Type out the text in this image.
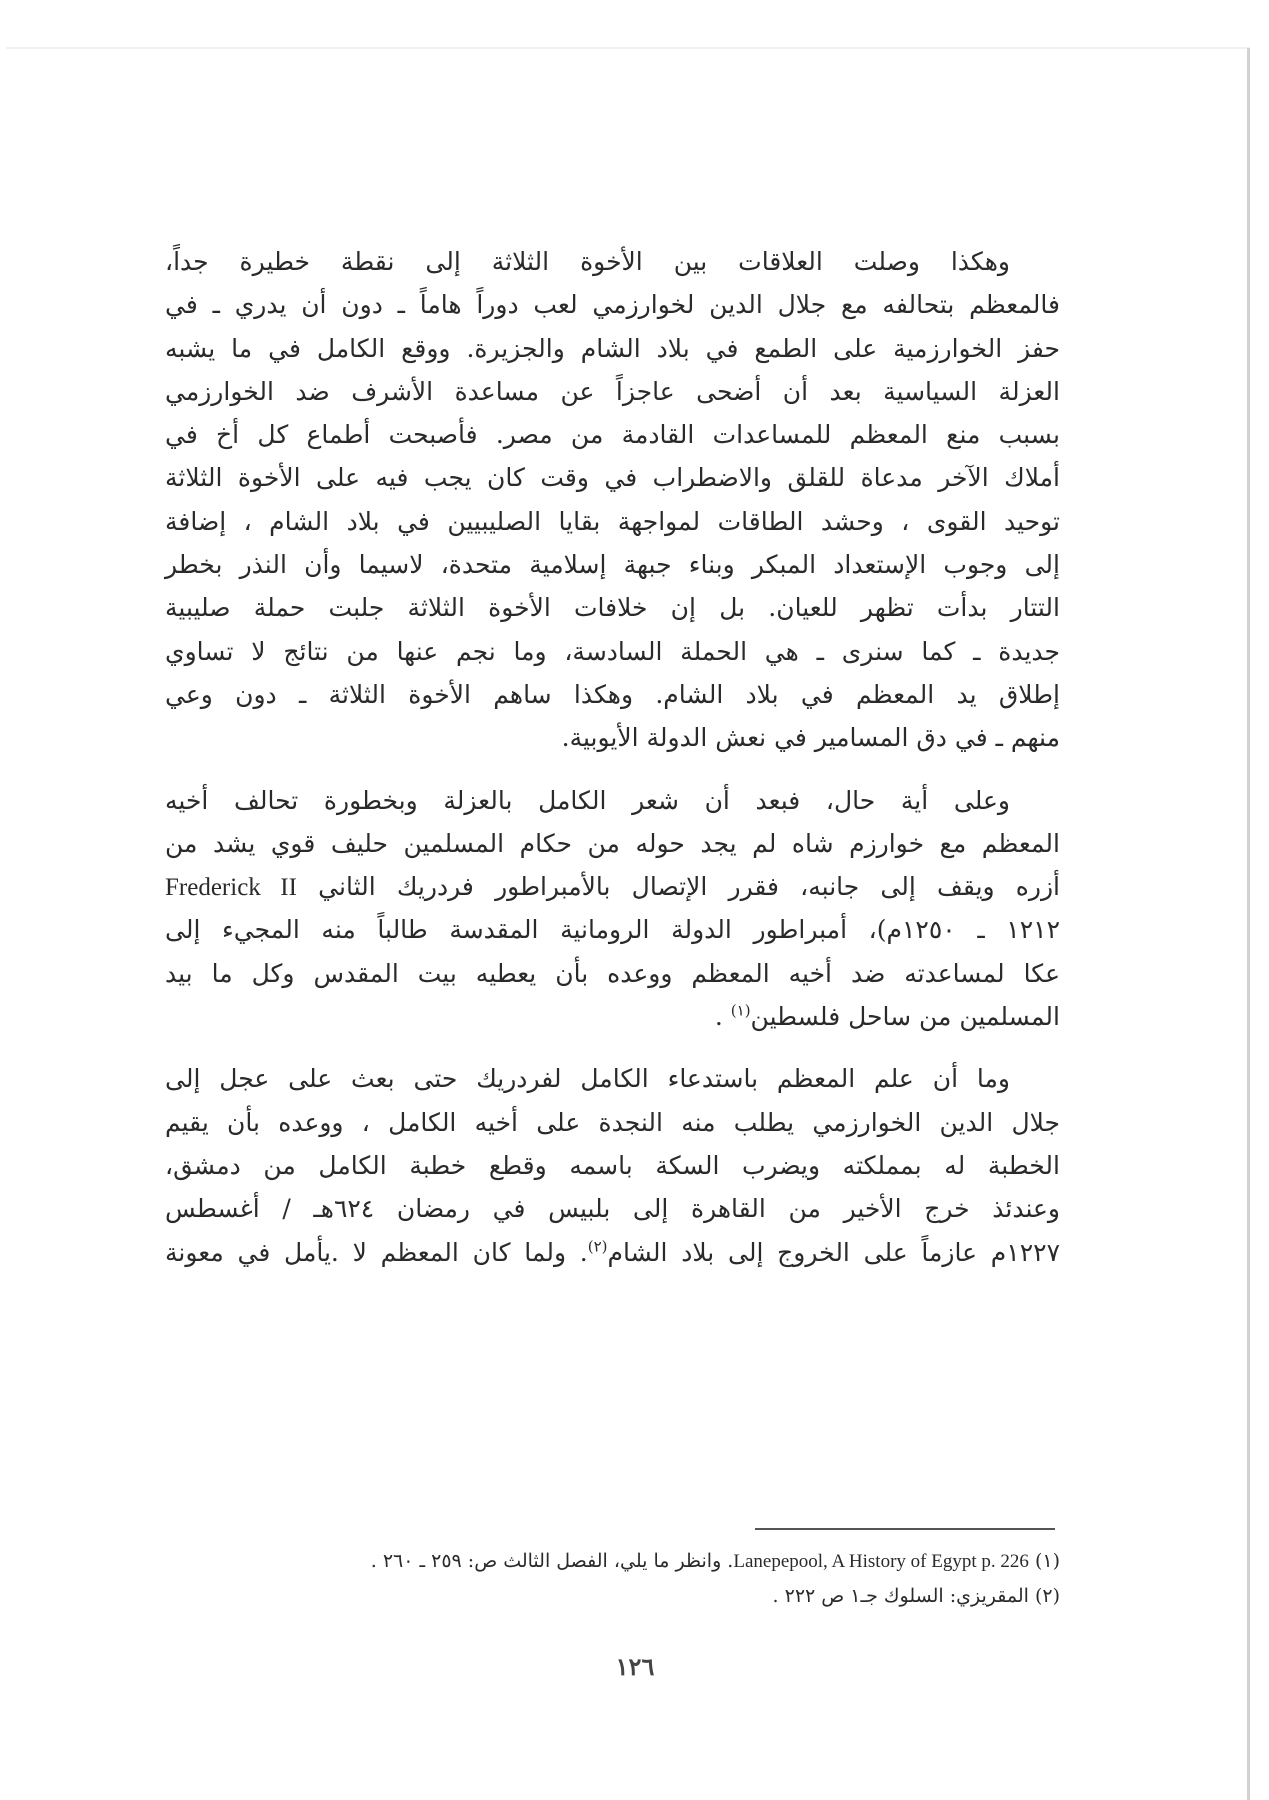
وهكذا وصلت العلاقات بين الأخوة الثلاثة إلى نقطة خطيرة جداً،
فالمعظم بتحالفه مع جلال الدين لخوارزمي لعب دوراً هاماً ـ دون أن يدري ـ في
حفز الخوارزمية على الطمع في بلاد الشام والجزيرة. ووقع الكامل في ما يشبه
العزلة السياسية بعد أن أضحى عاجزاً عن مساعدة الأشرف ضد الخوارزمي
بسبب منع المعظم للمساعدات القادمة من مصر. فأصبحت أطماع كل أخ في
أملاك الآخر مدعاة للقلق والاضطراب في وقت كان يجب فيه على الأخوة الثلاثة
توحيد القوى ، وحشد الطاقات لمواجهة بقايا الصليبيين في بلاد الشام ، إضافة
إلى وجوب الإستعداد المبكر وبناء جبهة إسلامية متحدة، لاسيما وأن النذر بخطر
التتار بدأت تظهر للعيان. بل إن خلافات الأخوة الثلاثة جلبت حملة صليبية
جديدة ـ كما سنرى ـ هي الحملة السادسة، وما نجم عنها من نتائج لا تساوي
إطلاق يد المعظم في بلاد الشام. وهكذا ساهم الأخوة الثلاثة ـ دون وعي
منهم ـ في دق المسامير في نعش الدولة الأيوبية.
وعلى أية حال، فبعد أن شعر الكامل بالعزلة وبخطورة تحالف أخيه
المعظم مع خوارزم شاه لم يجد حوله من حكام المسلمين حليف قوي يشد من
أزره ويقف إلى جانبه، فقرر الإتصال بالأمبراطور فردريك الثاني Frederick II
١٢١٢ ـ ١٢٥٠م)، أمبراطور الدولة الرومانية المقدسة طالباً منه المجيء إلى
عكا لمساعدته ضد أخيه المعظم ووعده بأن يعطيه بيت المقدس وكل ما بيد
المسلمين من ساحل فلسطين$^{(١)}$ .
وما أن علم المعظم باستدعاء الكامل لفردريك حتى بعث على عجل إلى
جلال الدين الخوارزمي يطلب منه النجدة على أخيه الكامل ، ووعده بأن يقيم
الخطبة له بمملكته ويضرب السكة باسمه وقطع خطبة الكامل من دمشق،
وعندئذ خرج الأخير من القاهرة إلى بلبيس في رمضان ٦٢٤هـ / أغسطس
١٢٢٧م عازماً على الخروج إلى بلاد الشام$^{(٢)}$. ولما كان المعظم لا .يأمل في معونة
(١) Lanepepool, A History of Egypt p. 226. وانظر ما يلي، الفصل الثالث ص: ٢٥٩ ـ ٢٦٠ .
(٢) المقريزي: السلوك جـ١ ص ٢٢٢ .
١٢٦
